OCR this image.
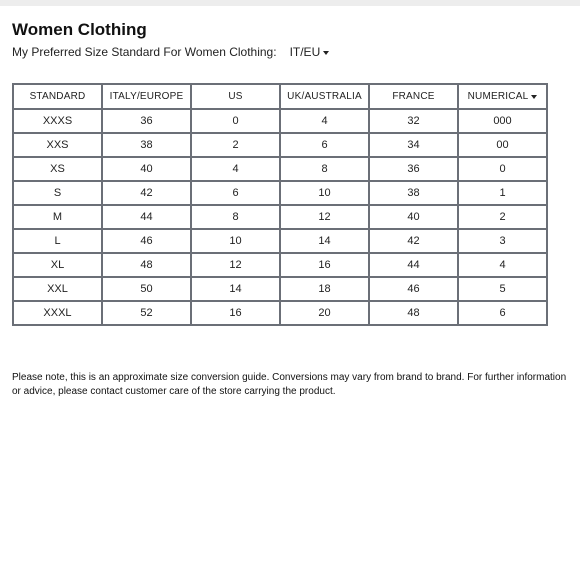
Women Clothing
My Preferred Size Standard For Women Clothing: IT/EU
STANDARD	ITALY/EUROPE	US	UK/AUSTRALIA	FRANCE	NUMERICAL

XXXS	36	0	4	32	000
XXS	38	2	6	34	00
XS	40	4	8	36	0
S	42	6	10	38	1
M	44	8	12	40	2
L	46	10	14	42	3
XL	48	12	16	44	4
XXL	50	14	18	46	5
XXXL	52	16	20	48	6

Please note, this is an approximate size conversion guide. Conversions may vary from brand to brand. For further information or advice, please contact customer care of the store carrying the product.
